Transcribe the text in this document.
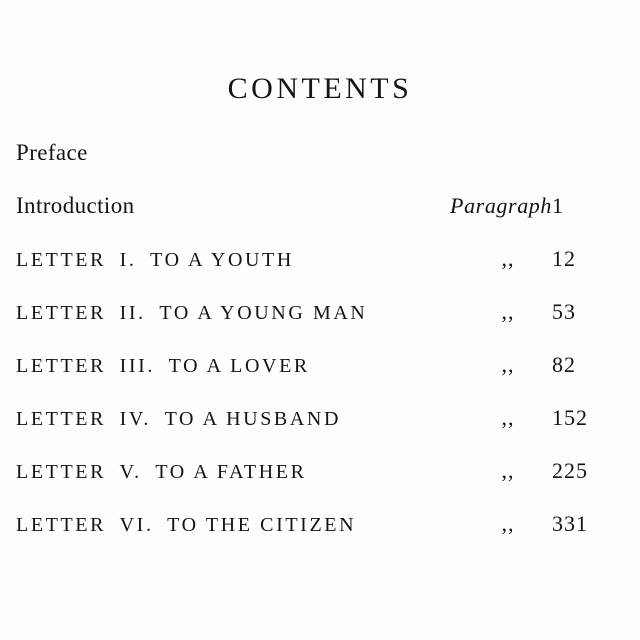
CONTENTS
Preface
Introduction	Paragraph 1
LETTER I. TO A YOUTH	,,	12
LETTER II. TO A YOUNG MAN	,,	53
LETTER III. TO A LOVER	,,	82
LETTER IV. TO A HUSBAND	,,	152
LETTER V. TO A FATHER	,,	225
LETTER VI. TO THE CITIZEN	,,	331
